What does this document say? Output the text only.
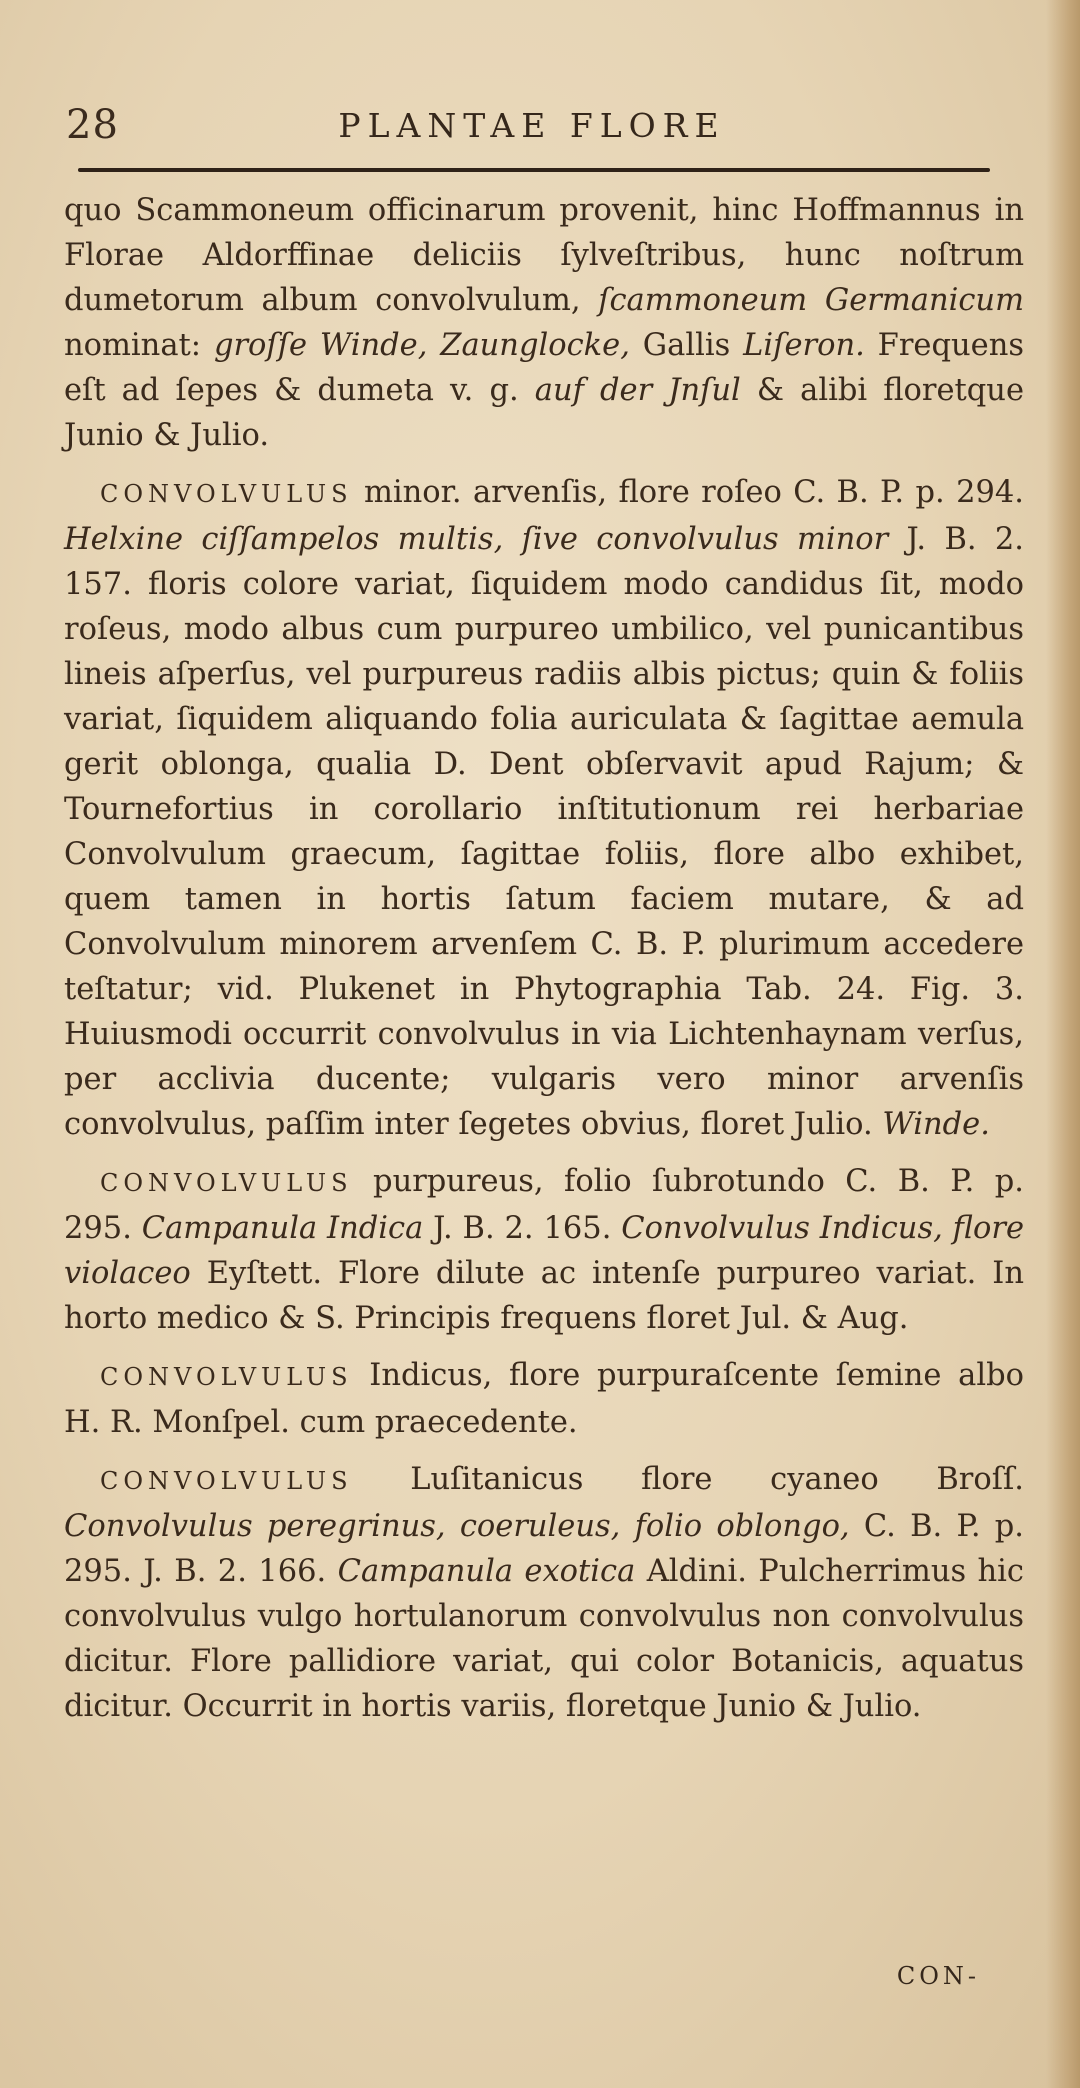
28	PLANTAE FLORE

quo Scammoneum officinarum provenit, hinc Hoffmannus in Florae Aldorffinae deliciis ſylveſtribus, hunc noſtrum dumetorum album convolvulum, ſcammoneum Germanicum nominat: groſſe Winde, Zaunglocke, Gallis Liſeron. Frequens eſt ad ſepes & dumeta v. g. auf der Jnſul & alibi floretque Junio & Julio.

CONVOLVULUS minor. arvenſis, flore roſeo C. B. P. p. 294. Helxine ciſſampelos multis, ſive convolvulus minor J. B. 2. 157. floris colore variat, ſiquidem modo candidus ſit, modo roſeus, modo albus cum purpureo umbilico, vel punicantibus lineis aſperſus, vel purpureus radiis albis pictus; quin & foliis variat, ſiquidem aliquando folia auriculata & ſagittae aemula gerit oblonga, qualia D. Dent obſervavit apud Rajum; & Tournefortius in corollario inſtitutionum rei herbariae Convolvulum graecum, ſagittae foliis, flore albo exhibet, quem tamen in hortis ſatum faciem mutare, & ad Convolvulum minorem arvenſem C. B. P. plurimum accedere teſtatur; vid. Plukenet in Phytographia Tab. 24. Fig. 3. Huiusmodi occurrit convolvulus in via Lichtenhaynam verſus, per acclivia ducente; vulgaris vero minor arvenſis convolvulus, paſſim inter ſegetes obvius, floret Julio. Winde.

CONVOLVULUS purpureus, folio ſubrotundo C. B. P. p. 295. Campanula Indica J. B. 2. 165. Convolvulus Indicus, flore violaceo Eyſtett. Flore dilute ac intenſe purpureo variat. In horto medico & S. Principis frequens floret Jul. & Aug.

CONVOLVULUS Indicus, flore purpuraſcente ſemine albo H. R. Monſpel. cum praecedente.

CONVOLVULUS Luſitanicus flore cyaneo Broſſ. Convolvulus peregrinus, coeruleus, folio oblongo, C. B. P. p. 295. J. B. 2. 166. Campanula exotica Aldini. Pulcherrimus hic convolvulus vulgo hortulanorum convolvulus non convolvulus dicitur. Flore pallidiore variat, qui color Botanicis, aquatus dicitur. Occurrit in hortis variis, floretque Junio & Julio.

CON-
